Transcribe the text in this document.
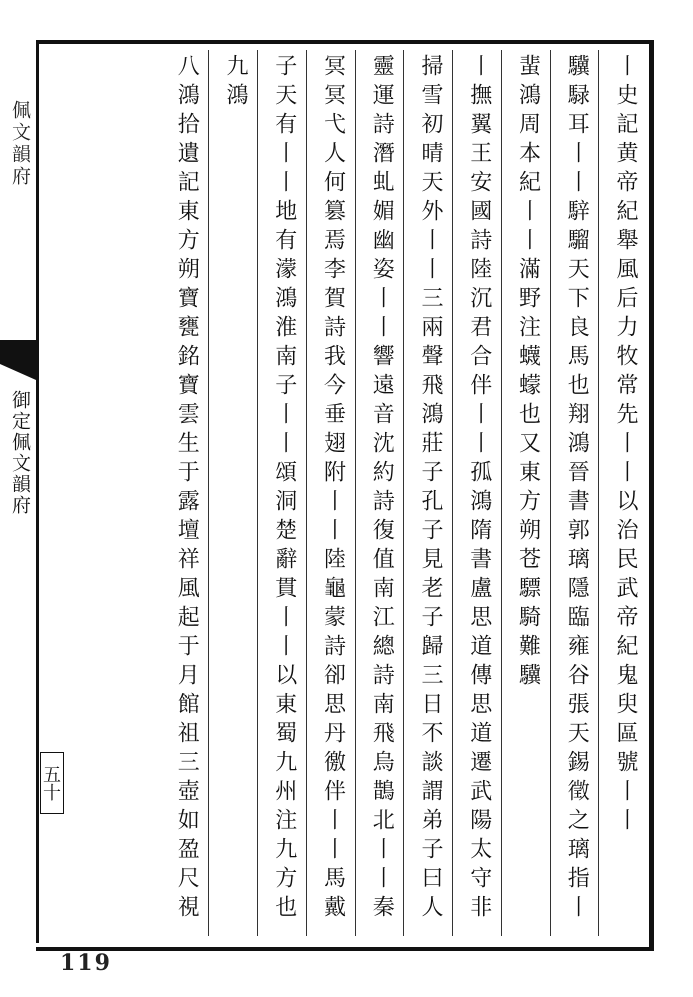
佩文韻府
御定佩文韻府
五十	丨史記黄帝紀舉風后力牧常先丨丨以治民武帝紀鬼臾區號丨丨
驥騄耳丨丨騂騮天下良馬也翔鴻晉書郭璃隱臨雍谷張天錫徵之璃指丨
蜚鴻周本紀丨丨滿野注蠛蠓也又東方朔苍驃騎難驥
丨撫翼王安國詩陸沉君合伴丨丨孤鴻隋書盧思道傳思道遷武陽太守非
掃雪初晴天外丨丨三兩聲飛鴻莊子孔子見老子歸三日不談謂弟子曰人
靈運詩潛虬媚幽姿丨丨響遠音沈約詩復值南江總詩南飛烏鵲北丨丨秦
冥冥弋人何篡焉李賀詩我今垂翅附丨丨陸龜蒙詩卻思丹徼伴丨丨馬戴
子天有丨丨地有濛鴻淮南子丨丨頌洞楚辭貫丨丨以東蜀九州注九方也
九鴻
八鴻拾遺記東方朔寶甕銘寶雲生于露壇祥風起于月館祖三壺如盈尺視
119
